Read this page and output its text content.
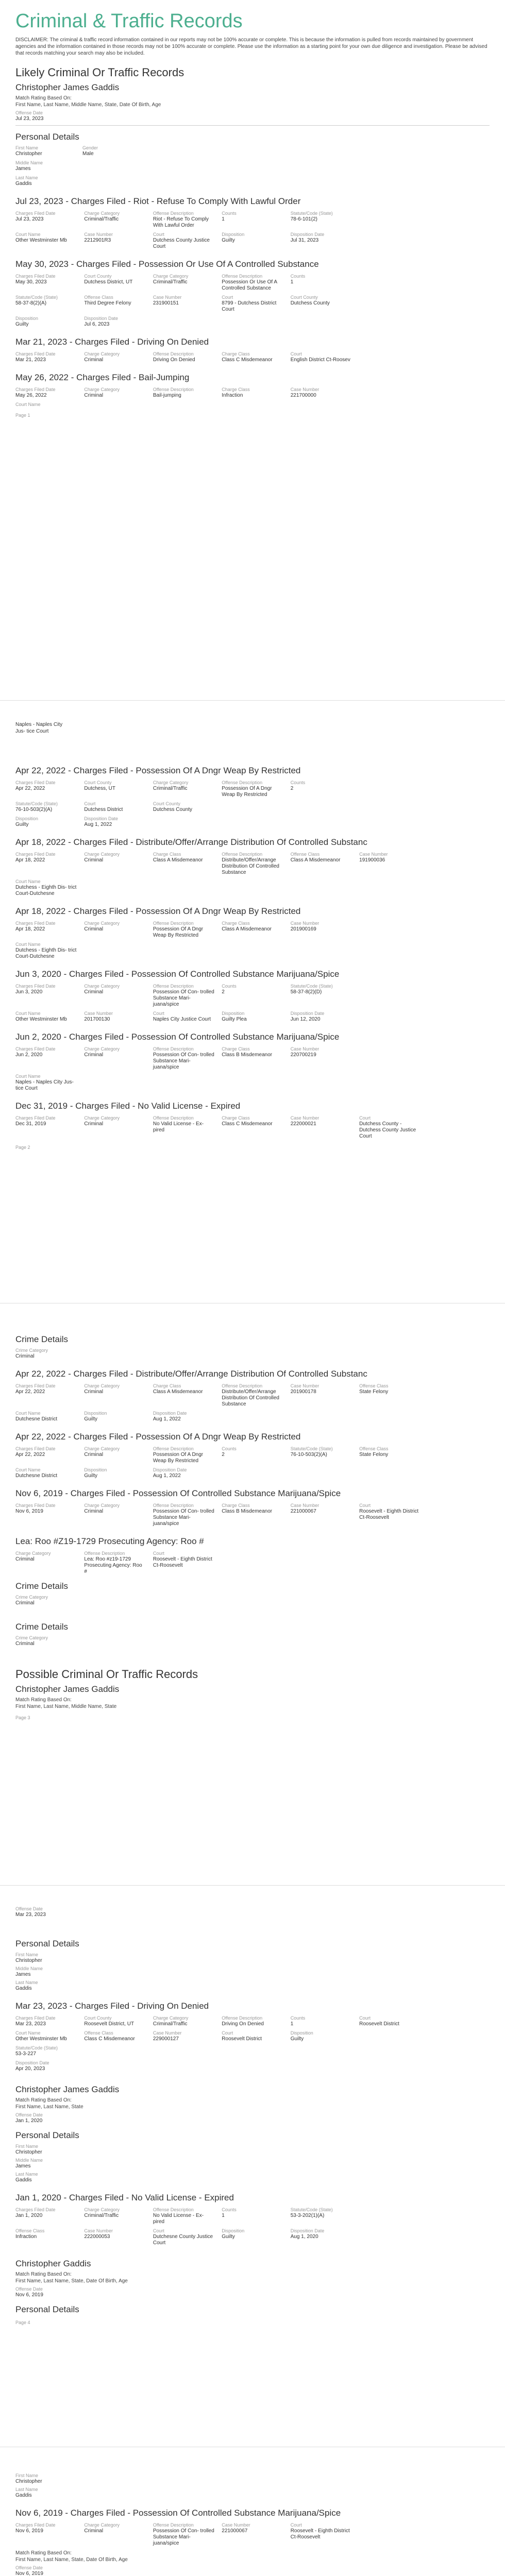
Criminal & Traffic Records
DISCLAIMER: The criminal & traffic record information contained in our reports may not be 100% accurate or complete. This is because the information is pulled from records maintained by government agencies and the information contained in those records may not be 100% accurate or complete. Please use the information as a starting point for your own due diligence and investigation. Please be advised that records matching your search may also be included.
Likely Criminal Or Traffic Records
Christopher James Gaddis
Match Rating Based On:
First Name, Last Name, Middle Name, State, Date Of Birth, Age
Offense Date
Jul 23, 2023
Personal Details
First Name
Christopher
Gender
Male
Middle Name
James
Last Name
Gaddis
Jul 23, 2023 - Charges Filed - Riot - Refuse To Comply With Lawful Order
Charges Filed Date
Jul 23, 2023
Charge Category
Criminal/Traffic
Offense Description
Riot - Refuse To Comply With Lawful Order
Counts
1
Statute/Code (State)
78-6-101(2)
Court Name
Other Westminster Mb
Case Number
2212901R3
Court
Dutchess County Justice Court
Disposition
Guilty
Disposition Date
Jul 31, 2023
May 30, 2023 - Charges Filed - Possession Or Use Of A Controlled Substance
Charges Filed Date
May 30, 2023
Court County
Dutchess District, UT
Charge Category
Criminal/Traffic
Offense Description
Possession Or Use Of A Controlled Substance
Counts
1
Statute/Code (State)
58-37-8(2)(A)
Offense Class
Third Degree Felony
Case Number
231900151
Court
8799 - Dutchess District Court
Court County
Dutchess County
Disposition
Guilty
Disposition Date
Jul 6, 2023
Mar 21, 2023 - Charges Filed - Driving On Denied
Charges Filed Date
Mar 21, 2023
Charge Category
Criminal
Offense Description
Driving On Denied
Charge Class
Class C Misdemeanor
Court
English District Ct-Roosev
May 26, 2022 - Charges Filed - Bail-Jumping
Charges Filed Date
May 26, 2022
Charge Category
Criminal
Offense Description
Bail-jumping
Charge Class
Infraction
Case Number
221700000
Court Name
Page 1
Naples - Naples City Jus- tice Court
Apr 22, 2022 - Charges Filed - Possession Of A Dngr Weap By Restricted
Charges Filed Date
Apr 22, 2022
Court County
Dutchess, UT
Charge Category
Criminal/Traffic
Offense Description
Possession Of A Dngr Weap By Restricted
Counts
2
Statute/Code (State)
76-10-503(2)(A)
Court
Dutchess District
Court County
Dutchess County
Disposition
Guilty
Disposition Date
Aug 1, 2022
Apr 18, 2022 - Charges Filed - Distribute/Offer/Arrange Distribution Of Controlled Substanc
Charges Filed Date
Apr 18, 2022
Charge Category
Criminal
Charge Class
Class A Misdemeanor
Offense Description
Distribute/Offer/Arrange Distribution Of Controlled Substance
Offense Class
Class A Misdemeanor
Case Number
191900036
Court Name
Dutchess - Eighth Dis- trict Court-Dutchesne
Apr 18, 2022 - Charges Filed - Possession Of A Dngr Weap By Restricted
Charges Filed Date
Apr 18, 2022
Charge Category
Criminal
Offense Description
Possession Of A Dngr Weap By Restricted
Charge Class
Class A Misdemeanor
Case Number
201900169
Court Name
Dutchess - Eighth Dis- trict Court-Dutchesne
Jun 3, 2020 - Charges Filed - Possession Of Controlled Substance Marijuana/Spice
Charges Filed Date
Jun 3, 2020
Charge Category
Criminal
Offense Description
Possession Of Con- trolled Substance Mari- juana/spice
Counts
2
Statute/Code (State)
58-37-8(2)(D)
Court Name
Other Westminster Mb
Case Number
201700130
Court
Naples City Justice Court
Disposition
Guilty Plea
Disposition Date
Jun 12, 2020
Jun 2, 2020 - Charges Filed - Possession Of Controlled Substance Marijuana/Spice
Charges Filed Date
Jun 2, 2020
Charge Category
Criminal
Offense Description
Possession Of Con- trolled Substance Mari- juana/spice
Charge Class
Class B Misdemeanor
Case Number
220700219
Court Name
Naples - Naples City Jus- tice Court
Dec 31, 2019 - Charges Filed - No Valid License - Expired
Charges Filed Date
Dec 31, 2019
Charge Category
Criminal
Offense Description
No Valid License - Ex- pired
Charge Class
Class C Misdemeanor
Case Number
222000021
Court
Dutchess County - Dutchess County Justice Court
Page 2
Crime Details
Crime Category
Criminal
Apr 22, 2022 - Charges Filed - Distribute/Offer/Arrange Distribution Of Controlled Substanc
Charges Filed Date
Apr 22, 2022
Charge Category
Criminal
Charge Class
Class A Misdemeanor
Offense Description
Distribute/Offer/Arrange Distribution Of Controlled Substance
Case Number
201900178
Offense Class
State Felony
Court Name
Dutchesne District
Disposition
Guilty
Disposition Date
Aug 1, 2022
Apr 22, 2022 - Charges Filed - Possession Of A Dngr Weap By Restricted
Charges Filed Date
Apr 22, 2022
Charge Category
Criminal
Offense Description
Possession Of A Dngr Weap By Restricted
Counts
2
Statute/Code (State)
76-10-503(2)(A)
Offense Class
State Felony
Court Name
Dutchesne District
Disposition
Guilty
Disposition Date
Aug 1, 2022
Nov 6, 2019 - Charges Filed - Possession Of Controlled Substance Marijuana/Spice
Charges Filed Date
Nov 6, 2019
Charge Category
Criminal
Offense Description
Possession Of Con- trolled Substance Mari- juana/spice
Charge Class
Class B Misdemeanor
Case Number
221000067
Court
Roosevelt - Eighth District Ct-Roosevelt
Lea: Roo #Z19-1729 Prosecuting Agency: Roo #
Charge Category
Criminal
Offense Description
Lea: Roo #z19-1729 Prosecuting Agency: Roo #
Court
Roosevelt - Eighth District Ct-Roosevelt
Crime Details
Crime Category
Criminal
Crime Details
Crime Category
Criminal
Possible Criminal Or Traffic Records
Christopher James Gaddis
Match Rating Based On:
First Name, Last Name, Middle Name, State
Page 3
Offense Date
Mar 23, 2023
Personal Details
First Name
Christopher
Middle Name
James
Last Name
Gaddis
Mar 23, 2023 - Charges Filed - Driving On Denied
Charges Filed Date
Mar 23, 2023
Court County
Roosevelt District, UT
Charge Category
Criminal/Traffic
Offense Description
Driving On Denied
Counts
1
Court
Roosevelt District
Court Name
Other Westminster Mb
Offense Class
Class C Misdemeanor
Case Number
229000127
Court
Roosevelt District
Disposition
Guilty
Statute/Code (State)
53-3-227
Disposition Date
Apr 20, 2023
Christopher James Gaddis
Match Rating Based On:
First Name, Last Name, State
Offense Date
Jan 1, 2020
Personal Details
First Name
Christopher
Middle Name
James
Last Name
Gaddis
Jan 1, 2020 - Charges Filed - No Valid License - Expired
Charges Filed Date
Jan 1, 2020
Charge Category
Criminal/Traffic
Offense Description
No Valid License - Ex- pired
Counts
1
Statute/Code (State)
53-3-202(1)(A)
Offense Class
Infraction
Case Number
222000053
Court
Dutchesne County Justice Court
Disposition
Guilty
Disposition Date
Aug 1, 2020
Christopher Gaddis
Match Rating Based On:
First Name, Last Name, State, Date Of Birth, Age
Offense Date
Nov 6, 2019
Personal Details
Page 4
First Name
Christopher
Last Name
Gaddis
Nov 6, 2019 - Charges Filed - Possession Of Controlled Substance Marijuana/Spice
Charges Filed Date
Nov 6, 2019
Charge Category
Criminal
Offense Description
Possession Of Con- trolled Substance Mari- juana/spice
Case Number
221000067
Court
Roosevelt - Eighth District Ct-Roosevelt
Match Rating Based On:
First Name, Last Name, State, Date Of Birth, Age
Offense Date
Nov 6, 2019
